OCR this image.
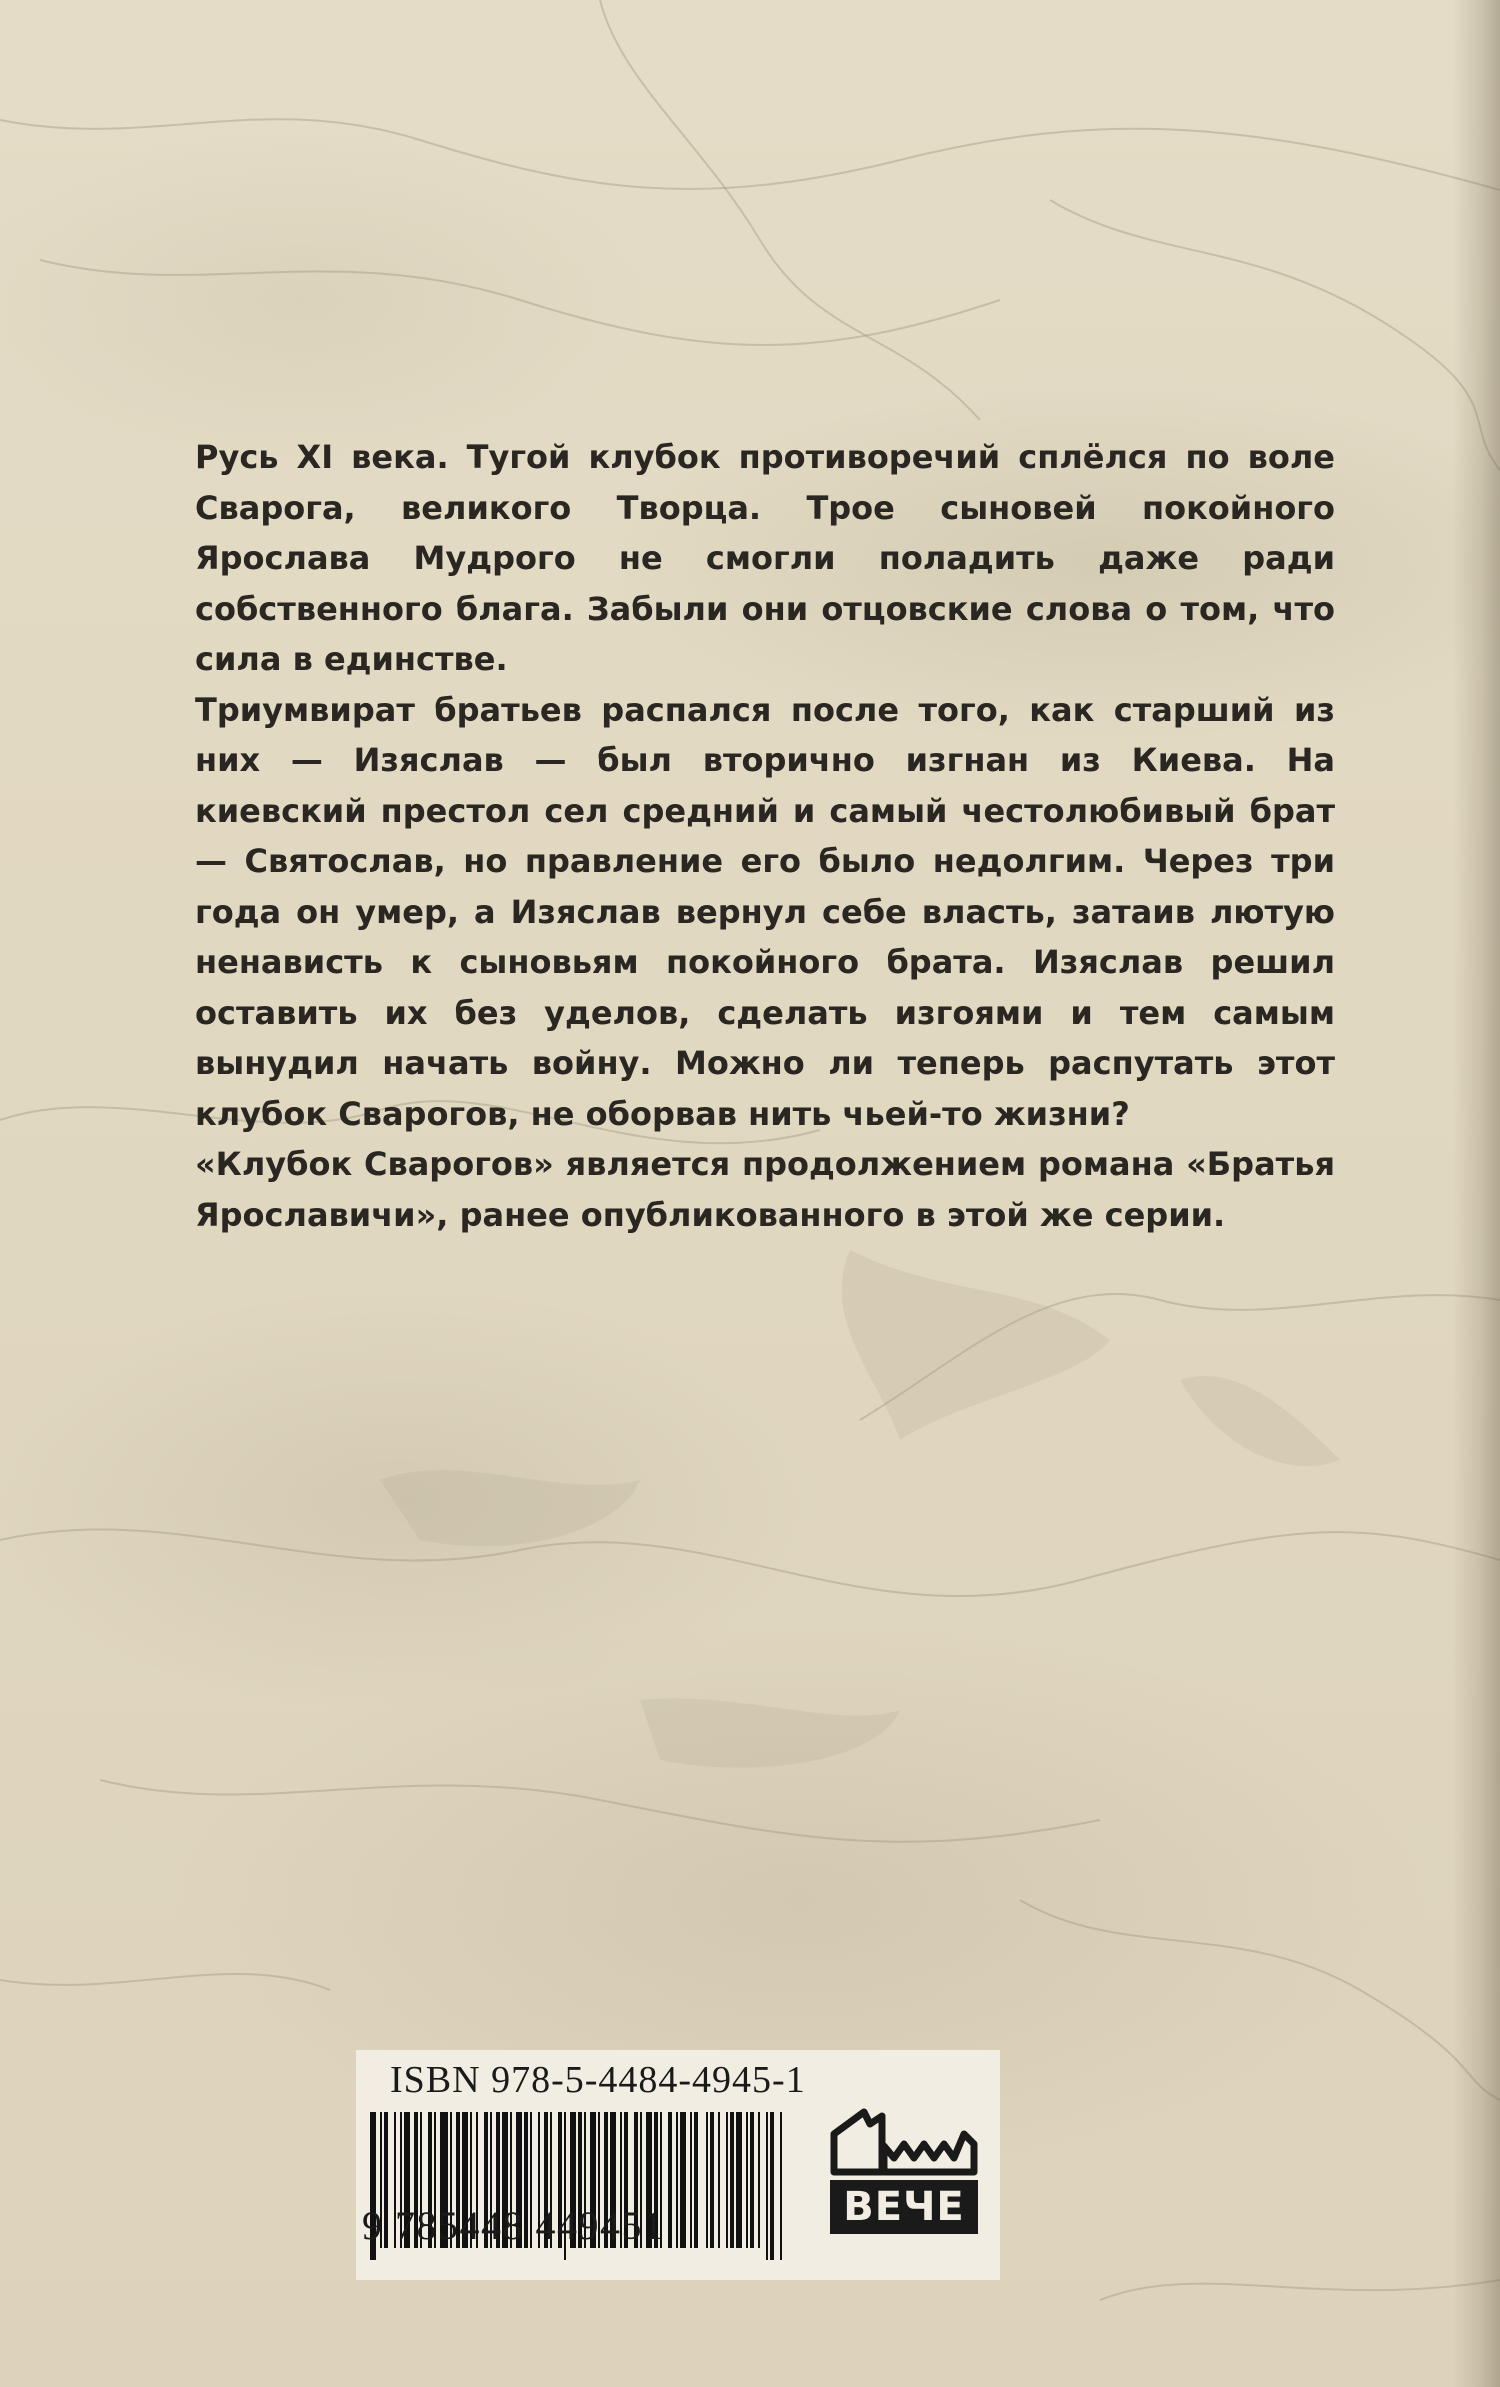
Русь XI века. Тугой клубок противоречий сплёлся по воле Сварога, великого Творца. Трое сыновей покойного Ярослава Мудрого не смогли поладить даже ради собственного блага. Забыли они отцовские слова о том, что сила в единстве.

Триумвират братьев распался после того, как старший из них — Изяслав — был вторично изгнан из Киева. На киевский престол сел средний и самый честолюбивый брат — Святослав, но правление его было недолгим. Через три года он умер, а Изяслав вернул себе власть, затаив лютую ненависть к сыновьям покойного брата. Изяслав решил оставить их без уделов, сделать изгоями и тем самым вынудил начать войну. Можно ли теперь распутать этот клубок Сварогов, не оборвав нить чьей-то жизни?

«Клубок Сварогов» является продолжением романа «Братья Ярославичи», ранее опубликованного в этой же серии.

ISBN 978-5-4484-4945-1
9 785448 449451	ВЕЧЕ
